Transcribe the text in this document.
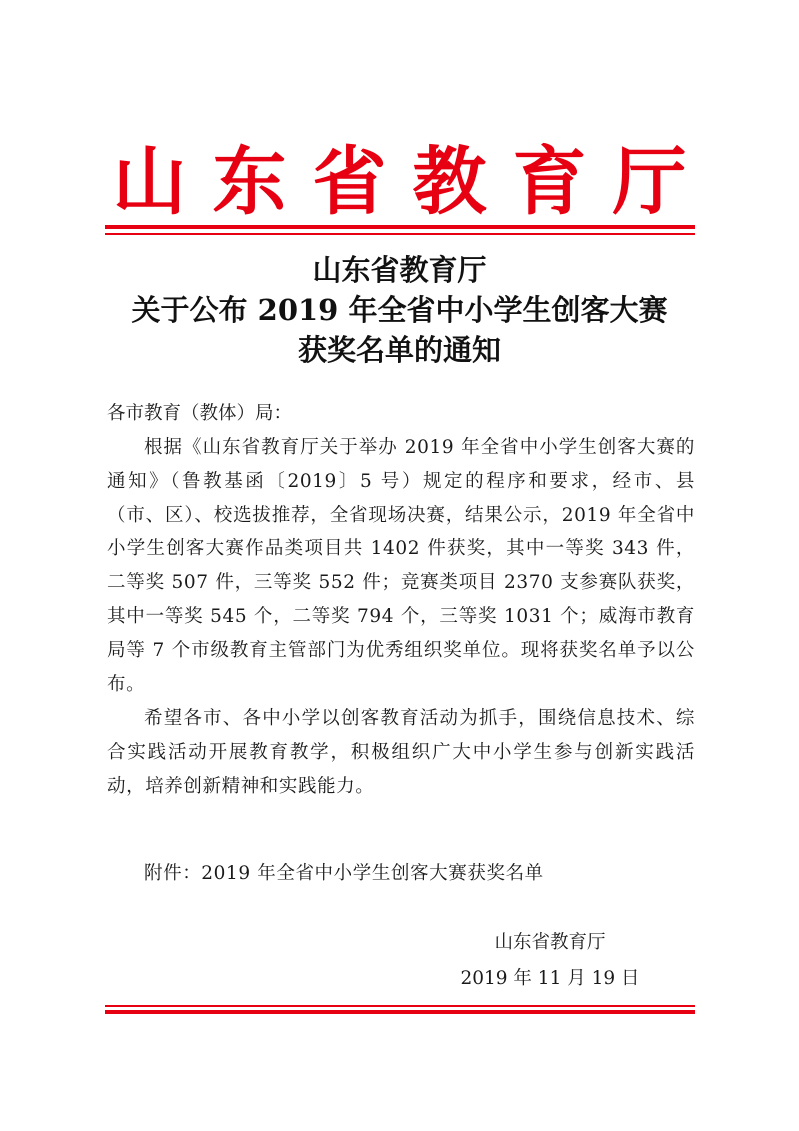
山东省教育厅
山东省教育厅
关于公布 2019 年全省中小学生创客大赛
获奖名单的通知
各市教育（教体）局：
根据《山东省教育厅关于举办 2019 年全省中小学生创客大赛的通知》（鲁教基函〔2019〕5 号）规定的程序和要求，经市、县（市、区）、校选拔推荐，全省现场决赛，结果公示，2019 年全省中小学生创客大赛作品类项目共 1402 件获奖，其中一等奖 343 件，二等奖 507 件，三等奖 552 件；竞赛类项目 2370 支参赛队获奖，其中一等奖 545 个，二等奖 794 个，三等奖 1031 个；威海市教育局等 7 个市级教育主管部门为优秀组织奖单位。现将获奖名单予以公布。
希望各市、各中小学以创客教育活动为抓手，围绕信息技术、综合实践活动开展教育教学，积极组织广大中小学生参与创新实践活动，培养创新精神和实践能力。
附件：2019 年全省中小学生创客大赛获奖名单
山东省教育厅
2019 年 11 月 19 日
